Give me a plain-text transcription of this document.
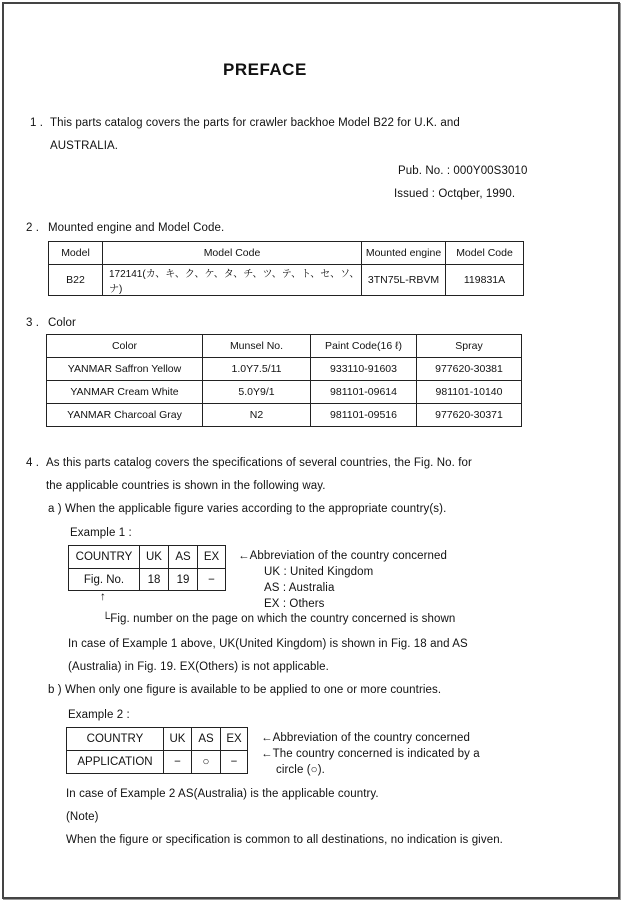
PREFACE
1 . This parts catalog covers the parts for crawler backhoe Model B22 for U.K. and
AUSTRALIA.
Pub. No. : 000Y00S3010
Issued : Octqber, 1990.
2 . Mounted engine and Model Code.
Model	Model Code	Mounted engine	Model Code
B22	172141(カ、キ、ク、ケ、タ、チ、ツ、テ、ト、セ、ソ、ナ)	3TN75L-RBVM	119831A
3 . Color
Color	Munsel No.	Paint Code(16 ℓ)	Spray
YANMAR Saffron Yellow	1.0Y7.5/11	933110-91603	977620-30381
YANMAR Cream White	5.0Y9/1	981101-09614	981101-10140
YANMAR Charcoal Gray	N2	981101-09516	977620-30371
4 . As this parts catalog covers the specifications of several countries, the Fig. No. for
the applicable countries is shown in the following way.
a ) When the applicable figure varies according to the appropriate country(s).
Example 1 :
COUNTRY	UK	AS	EX
Fig. No.	18	19	−
←Abbreviation of the country concerned
UK : United Kingdom
AS : Australia
EX : Others
↑
└Fig. number on the page on which the country concerned is shown
In case of Example 1 above, UK(United Kingdom) is shown in Fig. 18 and AS
(Australia) in Fig. 19. EX(Others) is not applicable.
b ) When only one figure is available to be applied to one or more countries.
Example 2 :
COUNTRY	UK	AS	EX
APPLICATION	−	○	−
←Abbreviation of the country concerned
←The country concerned is indicated by a
circle (○).
In case of Example 2 AS(Australia) is the applicable country.
(Note)
When the figure or specification is common to all destinations, no indication is given.
